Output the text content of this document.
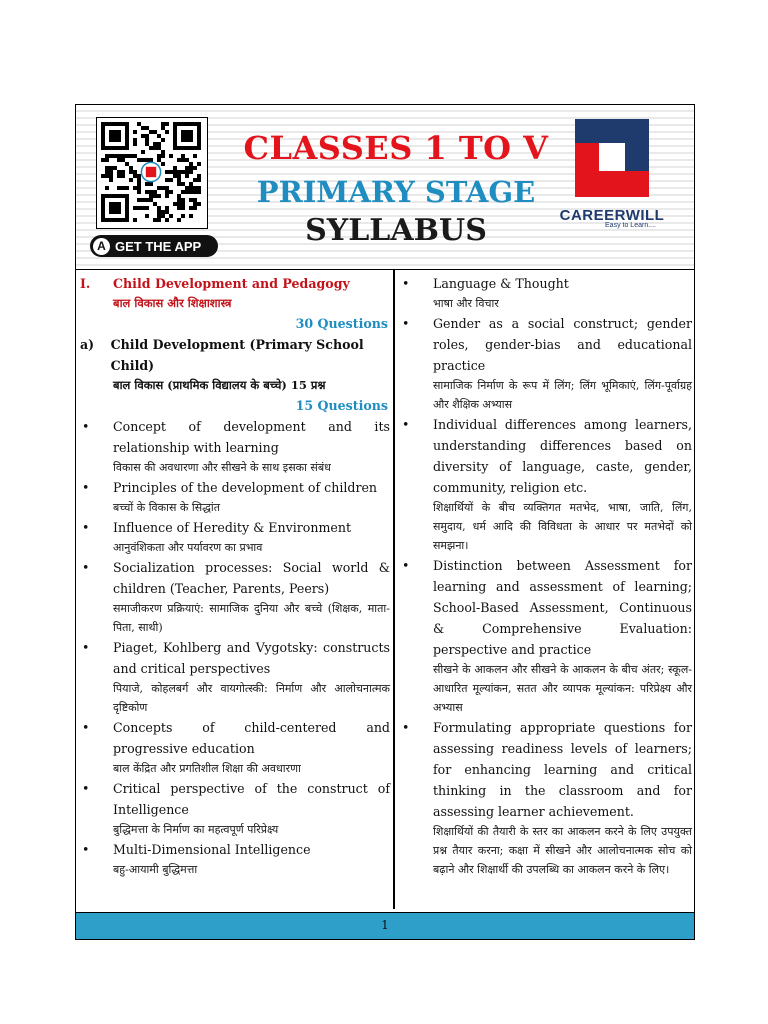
A GET THE APP
CLASSES 1 TO V
PRIMARY STAGE
SYLLABUS	CAREERWILL
Easy to Learn....
I.	Child Development and Pedagogy
बाल विकास और शिक्षाशास्त्र
30 Questions
a)	Child Development (Primary School Child)
बाल विकास (प्राथमिक विद्यालय के बच्चे) 15 प्रश्न
15 Questions
•	Concept of development and its relationship with learning
विकास की अवधारणा और सीखने के साथ इसका संबंध
•	Principles of the development of children
बच्चों के विकास के सिद्धांत
•	Influence of Heredity & Environment
आनुवंशिकता और पर्यावरण का प्रभाव
•	Socialization processes: Social world & children (Teacher, Parents, Peers)
समाजीकरण प्रक्रियाएं: सामाजिक दुनिया और बच्चे (शिक्षक, माता-पिता, साथी)
•	Piaget, Kohlberg and Vygotsky: constructs and critical perspectives
पियाजे, कोहलबर्ग और वायगोत्स्की: निर्माण और आलोचनात्मक दृष्टिकोण
•	Concepts of child-centered and progressive education
बाल केंद्रित और प्रगतिशील शिक्षा की अवधारणा
•	Critical perspective of the construct of Intelligence
बुद्धिमत्ता के निर्माण का महत्वपूर्ण परिप्रेक्ष्य
•	Multi-Dimensional Intelligence
बहु-आयामी बुद्धिमत्ता
•	Language & Thought
भाषा और विचार
•	Gender as a social construct; gender roles, gender-bias and educational practice
सामाजिक निर्माण के रूप में लिंग; लिंग भूमिकाएं, लिंग-पूर्वाग्रह और शैक्षिक अभ्यास
•	Individual differences among learners, understanding differences based on diversity of language, caste, gender, community, religion etc.
शिक्षार्थियों के बीच व्यक्तिगत मतभेद, भाषा, जाति, लिंग, समुदाय, धर्म आदि की विविधता के आधार पर मतभेदों को समझना।
•	Distinction between Assessment for learning and assessment of learning; School-Based Assessment, Continuous & Comprehensive Evaluation: perspective and practice
सीखने के आकलन और सीखने के आकलन के बीच अंतर; स्कूल-आधारित मूल्यांकन, सतत और व्यापक मूल्यांकन: परिप्रेक्ष्य और अभ्यास
•	Formulating appropriate questions for assessing readiness levels of learners; for enhancing learning and critical thinking in the classroom and for assessing learner achievement.
शिक्षार्थियों की तैयारी के स्तर का आकलन करने के लिए उपयुक्त प्रश्न तैयार करना; कक्षा में सीखने और आलोचनात्मक सोच को बढ़ाने और शिक्षार्थी की उपलब्धि का आकलन करने के लिए।
1
